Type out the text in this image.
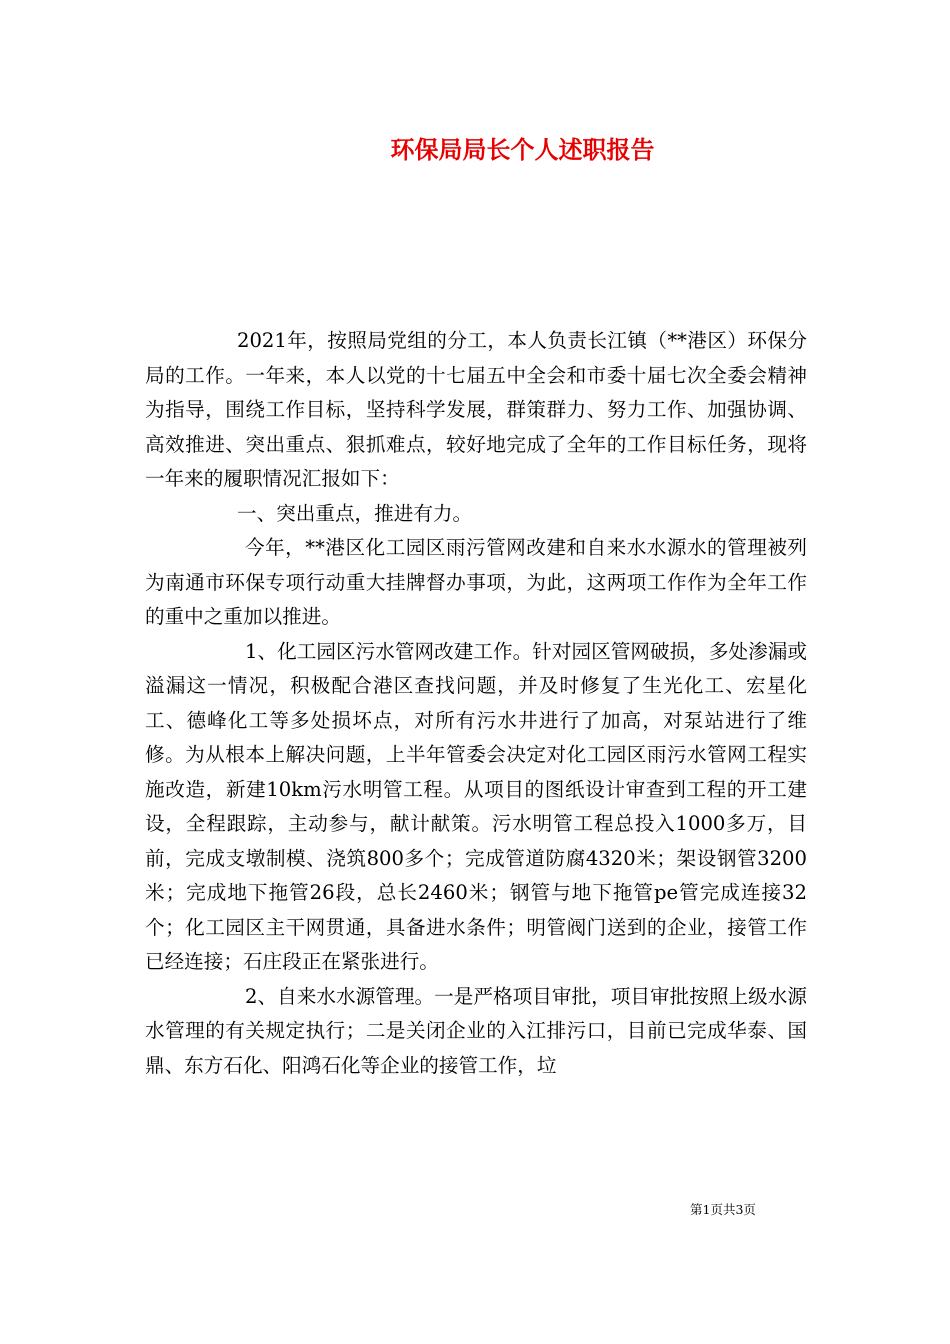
环保局局长个人述职报告

2021年，按照局党组的分工，本人负责长江镇（**港区）环保分局的工作。一年来，本人以党的十七届五中全会和市委十届七次全委会精神为指导，围绕工作目标，坚持科学发展，群策群力、努力工作、加强协调、高效推进、突出重点、狠抓难点，较好地完成了全年的工作目标任务，现将一年来的履职情况汇报如下：

一、突出重点，推进有力。

今年，**港区化工园区雨污管网改建和自来水水源水的管理被列为南通市环保专项行动重大挂牌督办事项，为此，这两项工作作为全年工作的重中之重加以推进。

1、化工园区污水管网改建工作。针对园区管网破损，多处渗漏或溢漏这一情况，积极配合港区查找问题，并及时修复了生光化工、宏星化工、德峰化工等多处损坏点，对所有污水井进行了加高，对泵站进行了维修。为从根本上解决问题，上半年管委会决定对化工园区雨污水管网工程实施改造，新建10km污水明管工程。从项目的图纸设计审查到工程的开工建设，全程跟踪，主动参与，献计献策。污水明管工程总投入1000多万，目前，完成支墩制模、浇筑800多个；完成管道防腐4320米；架设钢管3200米；完成地下拖管26段，总长2460米；钢管与地下拖管pe管完成连接32个；化工园区主干网贯通，具备进水条件；明管阀门送到的企业，接管工作已经连接；石庄段正在紧张进行。

2、自来水水源管理。一是严格项目审批，项目审批按照上级水源水管理的有关规定执行；二是关闭企业的入江排污口，目前已完成华泰、国鼎、东方石化、阳鸿石化等企业的接管工作，垃

第1页共3页
